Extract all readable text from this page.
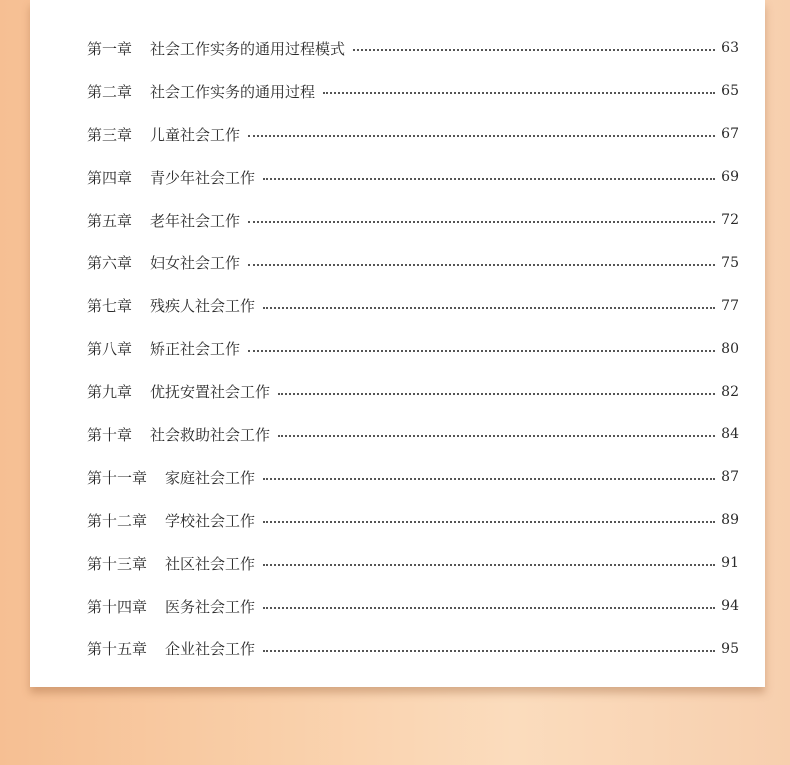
第一章 社会工作实务的通用过程模式	63
第二章 社会工作实务的通用过程	65
第三章 儿童社会工作	67
第四章 青少年社会工作	69
第五章 老年社会工作	72
第六章 妇女社会工作	75
第七章 残疾人社会工作	77
第八章 矫正社会工作	80
第九章 优抚安置社会工作	82
第十章 社会救助社会工作	84
第十一章 家庭社会工作	87
第十二章 学校社会工作	89
第十三章 社区社会工作	91
第十四章 医务社会工作	94
第十五章 企业社会工作	95
